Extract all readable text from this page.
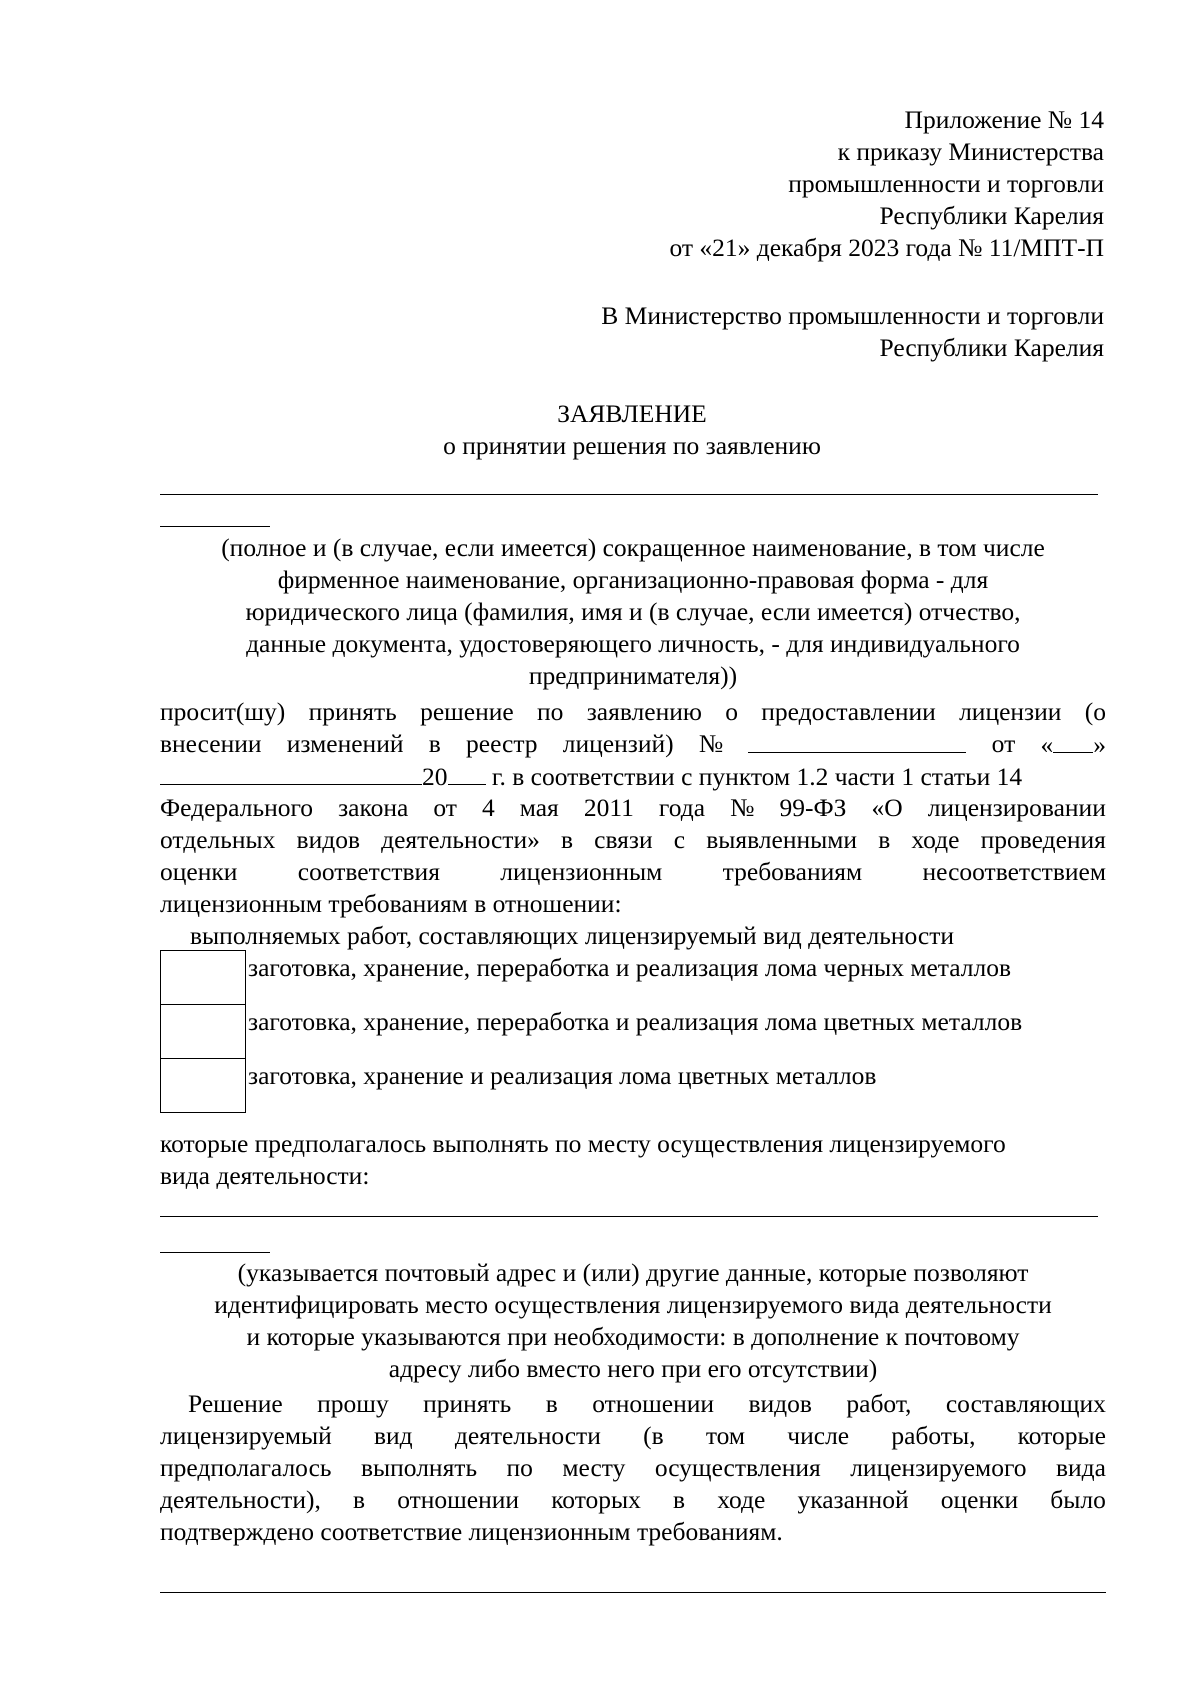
Приложение № 14
к приказу Министерства
промышленности и торговли
Республики Карелия
от «21» декабря 2023 года № 11/МПТ-П
В Министерство промышленности и торговли
Республики Карелия
ЗАЯВЛЕНИЕ
о принятии решения по заявлению
(полное и (в случае, если имеется) сокращенное наименование, в том числе
фирменное наименование, организационно-правовая форма - для
юридического лица (фамилия, имя и (в случае, если имеется) отчество,
данные документа, удостоверяющего личность, - для индивидуального
предпринимателя))
просит(шу) принять решение по заявлению о предоставлении лицензии (о
внесении изменений в реестр лицензий) №	от « »
20 г. в соответствии с пунктом 1.2 части 1 статьи 14
Федерального закона от 4 мая 2011 года № 99-ФЗ «О лицензировании
отдельных видов деятельности» в связи с выявленными в ходе проведения
оценки соответствия лицензионным требованиям несоответствием
лицензионным требованиям в отношении:
выполняемых работ, составляющих лицензируемый вид деятельности
заготовка, хранение, переработка и реализация лома черных металлов
заготовка, хранение, переработка и реализация лома цветных металлов
заготовка, хранение и реализация лома цветных металлов
которые предполагалось выполнять по месту осуществления лицензируемого
вида деятельности:
(указывается почтовый адрес и (или) другие данные, которые позволяют
идентифицировать место осуществления лицензируемого вида деятельности
и которые указываются при необходимости: в дополнение к почтовому
адресу либо вместо него при его отсутствии)
Решение прошу принять в отношении видов работ, составляющих
лицензируемый вид деятельности (в том числе работы, которые
предполагалось выполнять по месту осуществления лицензируемого вида
деятельности), в отношении которых в ходе указанной оценки было
подтверждено соответствие лицензионным требованиям.
